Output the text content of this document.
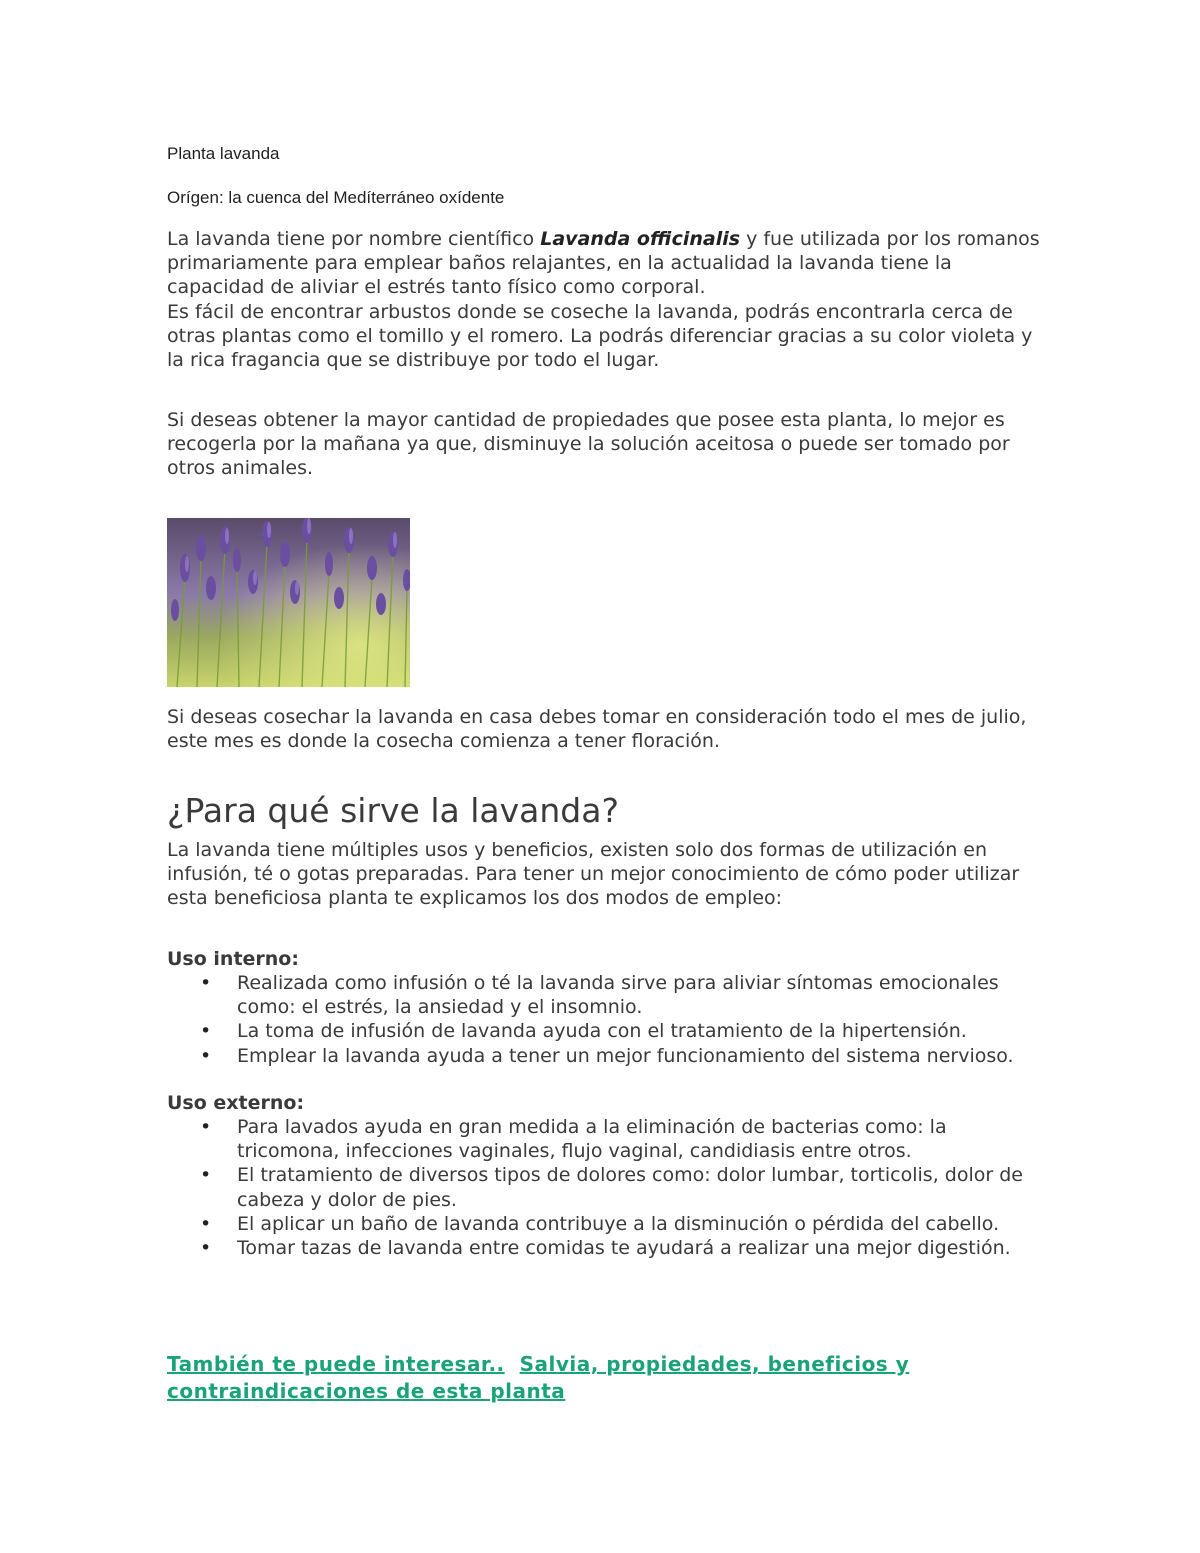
Planta lavanda
Orígen: la cuenca del Medíterráneo oxídente
La lavanda tiene por nombre científico Lavanda officinalis y fue utilizada por los romanos primariamente para emplear baños relajantes, en la actualidad la lavanda tiene la capacidad de aliviar el estrés tanto físico como corporal.
Es fácil de encontrar arbustos donde se coseche la lavanda, podrás encontrarla cerca de otras plantas como el tomillo y el romero. La podrás diferenciar gracias a su color violeta y la rica fragancia que se distribuye por todo el lugar.
Si deseas obtener la mayor cantidad de propiedades que posee esta planta, lo mejor es recogerla por la mañana ya que, disminuye la solución aceitosa o puede ser tomado por otros animales.
Si deseas cosechar la lavanda en casa debes tomar en consideración todo el mes de julio, este mes es donde la cosecha comienza a tener floración.
¿Para qué sirve la lavanda?
La lavanda tiene múltiples usos y beneficios, existen solo dos formas de utilización en infusión, té o gotas preparadas. Para tener un mejor conocimiento de cómo poder utilizar esta beneficiosa planta te explicamos los dos modos de empleo:
Uso interno:
• Realizada como infusión o té la lavanda sirve para aliviar síntomas emocionales como: el estrés, la ansiedad y el insomnio.
• La toma de infusión de lavanda ayuda con el tratamiento de la hipertensión.
• Emplear la lavanda ayuda a tener un mejor funcionamiento del sistema nervioso.
Uso externo:
• Para lavados ayuda en gran medida a la eliminación de bacterias como: la tricomona, infecciones vaginales, flujo vaginal, candidiasis entre otros.
• El tratamiento de diversos tipos de dolores como: dolor lumbar, torticolis, dolor de cabeza y dolor de pies.
• El aplicar un baño de lavanda contribuye a la disminución o pérdida del cabello.
• Tomar tazas de lavanda entre comidas te ayudará a realizar una mejor digestión.
También te puede interesar.. Salvia, propiedades, beneficios y contraindicaciones de esta planta
